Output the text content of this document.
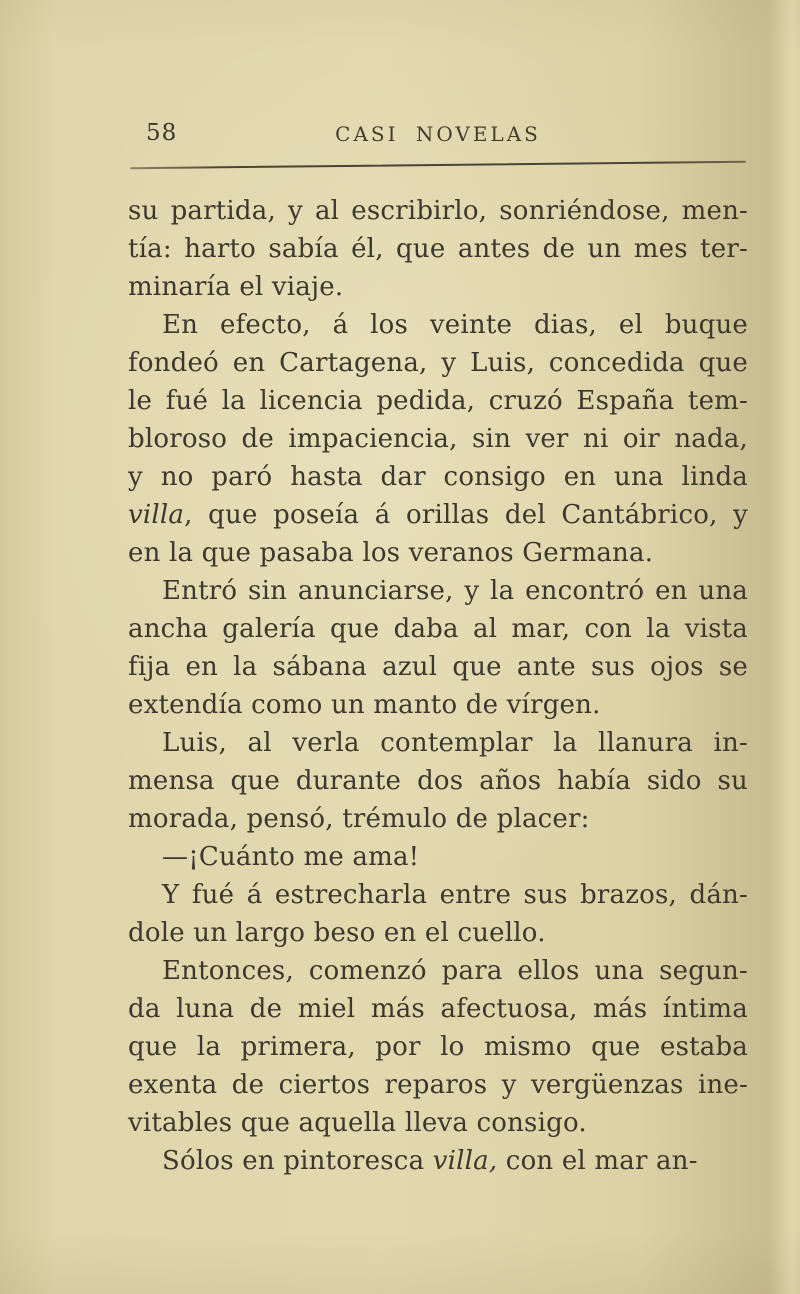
58	CASI NOVELAS
su partida, y al escribirlo, sonriéndose, men-
tía: harto sabía él, que antes de un mes ter-
minaría el viaje.
En efecto, á los veinte dias, el buque
fondeó en Cartagena, y Luis, concedida que
le fué la licencia pedida, cruzó España tem-
bloroso de impaciencia, sin ver ni oir nada,
y no paró hasta dar consigo en una linda
villa, que poseía á orillas del Cantábrico, y
en la que pasaba los veranos Germana.
Entró sin anunciarse, y la encontró en una
ancha galería que daba al mar, con la vista
fija en la sábana azul que ante sus ojos se
extendía como un manto de vírgen.
Luis, al verla contemplar la llanura in-
mensa que durante dos años había sido su
morada, pensó, trémulo de placer:
—¡Cuánto me ama!
Y fué á estrecharla entre sus brazos, dán-
dole un largo beso en el cuello.
Entonces, comenzó para ellos una segun-
da luna de miel más afectuosa, más íntima
que la primera, por lo mismo que estaba
exenta de ciertos reparos y vergüenzas ine-
vitables que aquella lleva consigo.
Sólos en pintoresca villa, con el mar an-
